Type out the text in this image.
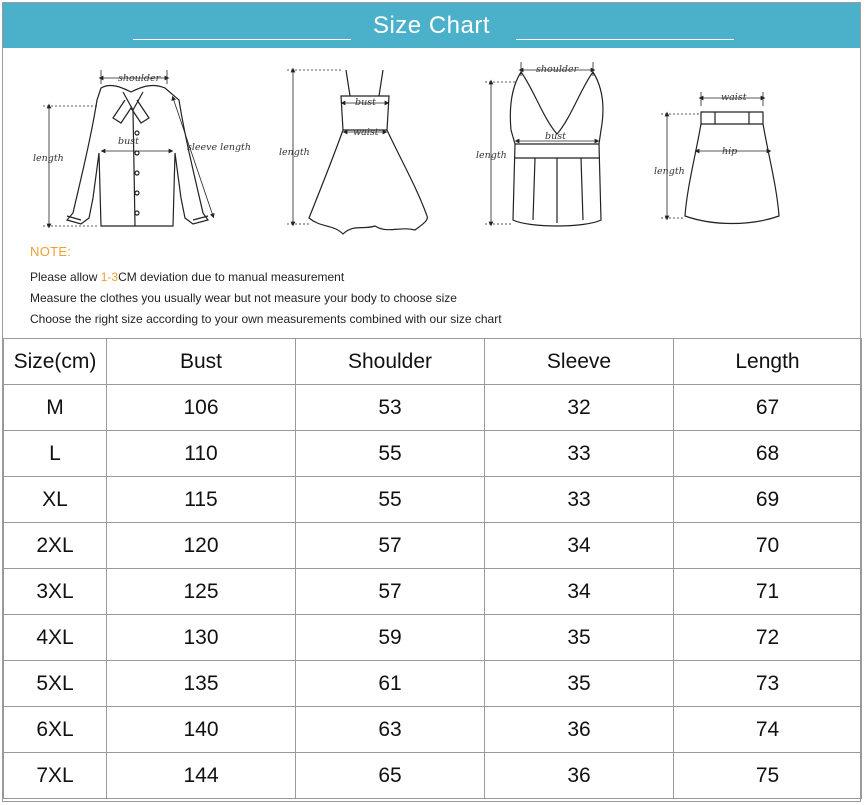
Size Chart
shoulder
sleeve length
length
bust
bust
waist
length
shoulder
bust
length
waist
hip
length
NOTE:
Please allow 1-3CM deviation due to manual measurement
Measure the clothes you usually wear but not measure your body to choose size
Choose the right size according to your own measurements combined with our size chart
Size(cm)	Bust	Shoulder	Sleeve	Length
M	106	53	32	67
L	110	55	33	68
XL	115	55	33	69
2XL	120	57	34	70
3XL	125	57	34	71
4XL	130	59	35	72
5XL	135	61	35	73
6XL	140	63	36	74
7XL	144	65	36	75
